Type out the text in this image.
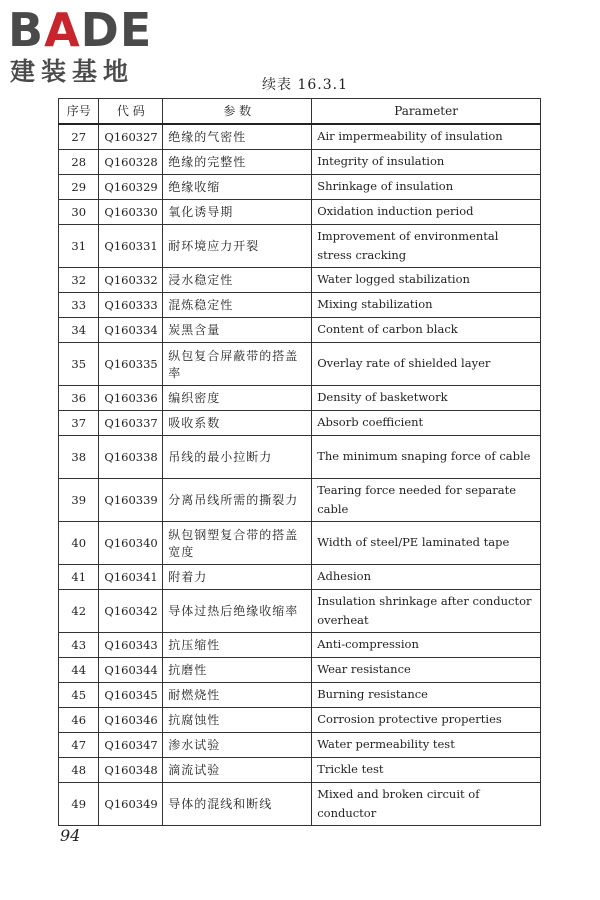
BADE
建装基地	续表 16.3.1
序号	代 码	参 数	Parameter
27	Q160327	绝缘的气密性	Air impermeability of insulation
28	Q160328	绝缘的完整性	Integrity of insulation
29	Q160329	绝缘收缩	Shrinkage of insulation
30	Q160330	氧化诱导期	Oxidation induction period
31	Q160331	耐环境应力开裂	Improvement of environmental stress cracking
32	Q160332	浸水稳定性	Water logged stabilization
33	Q160333	混炼稳定性	Mixing stabilization
34	Q160334	炭黑含量	Content of carbon black
35	Q160335	纵包复合屏蔽带的搭盖率	Overlay rate of shielded layer
36	Q160336	编织密度	Density of basketwork
37	Q160337	吸收系数	Absorb coefficient
38	Q160338	吊线的最小拉断力	The minimum snaping force of cable
39	Q160339	分离吊线所需的撕裂力	Tearing force needed for separate cable
40	Q160340	纵包钢塑复合带的搭盖宽度	Width of steel/PE laminated tape
41	Q160341	附着力	Adhesion
42	Q160342	导体过热后绝缘收缩率	Insulation shrinkage after conductor overheat
43	Q160343	抗压缩性	Anti-compression
44	Q160344	抗磨性	Wear resistance
45	Q160345	耐燃烧性	Burning resistance
46	Q160346	抗腐蚀性	Corrosion protective properties
47	Q160347	渗水试验	Water permeability test
48	Q160348	滴流试验	Trickle test
49	Q160349	导体的混线和断线	Mixed and broken circuit of conductor
94
